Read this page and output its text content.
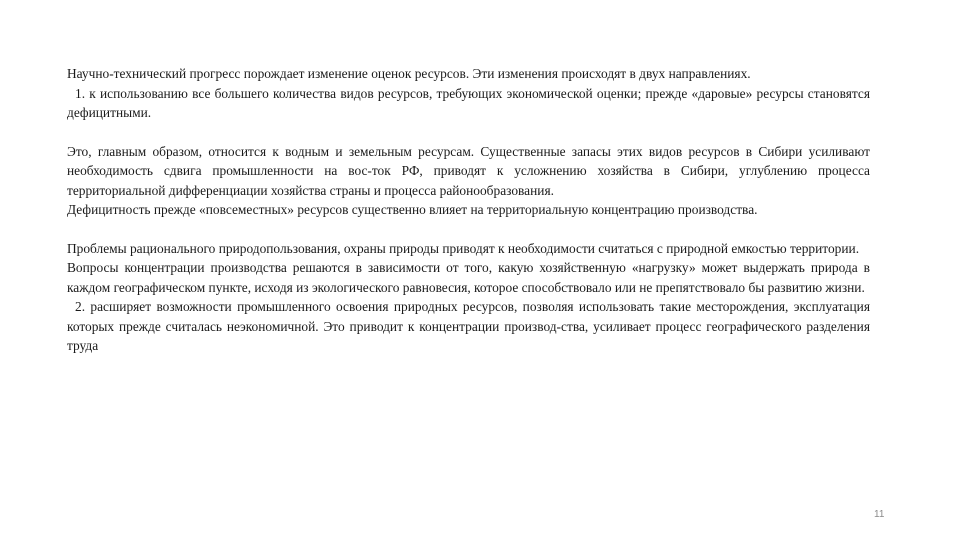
Научно-технический прогресс порождает изменение оценок ресурсов. Эти изменения происходят в двух направлениях.

1. к использованию все большего количества видов ресурсов, требующих экономической оценки; прежде «даровые» ресурсы становятся дефицитными.

Это, главным образом, относится к водным и земельным ресурсам. Существенные запасы этих видов ресурсов в Сибири усиливают необходимость сдвига промышленности на вос-ток РФ, приводят к усложнению хозяйства в Сибири, углублению процесса территориальной дифференциации хозяйства страны и процесса районообразования.

Дефицитность прежде «повсеместных» ресурсов существенно влияет на территориальную концентрацию производства.

Проблемы рационального природопользования, охраны природы приводят к необходимости считаться с природной емкостью территории.

Вопросы концентрации производства решаются в зависимости от того, какую хозяйственную «нагрузку» может выдержать природа в каждом географическом пункте, исходя из экологического равновесия, которое способствовало или не препятствовало бы развитию жизни.

2. расширяет возможности промышленного освоения природных ресурсов, позволяя использовать такие месторождения, эксплуатация которых прежде считалась неэкономичной. Это приводит к концентрации производ-ства, усиливает процесс географического разделения труда

11
